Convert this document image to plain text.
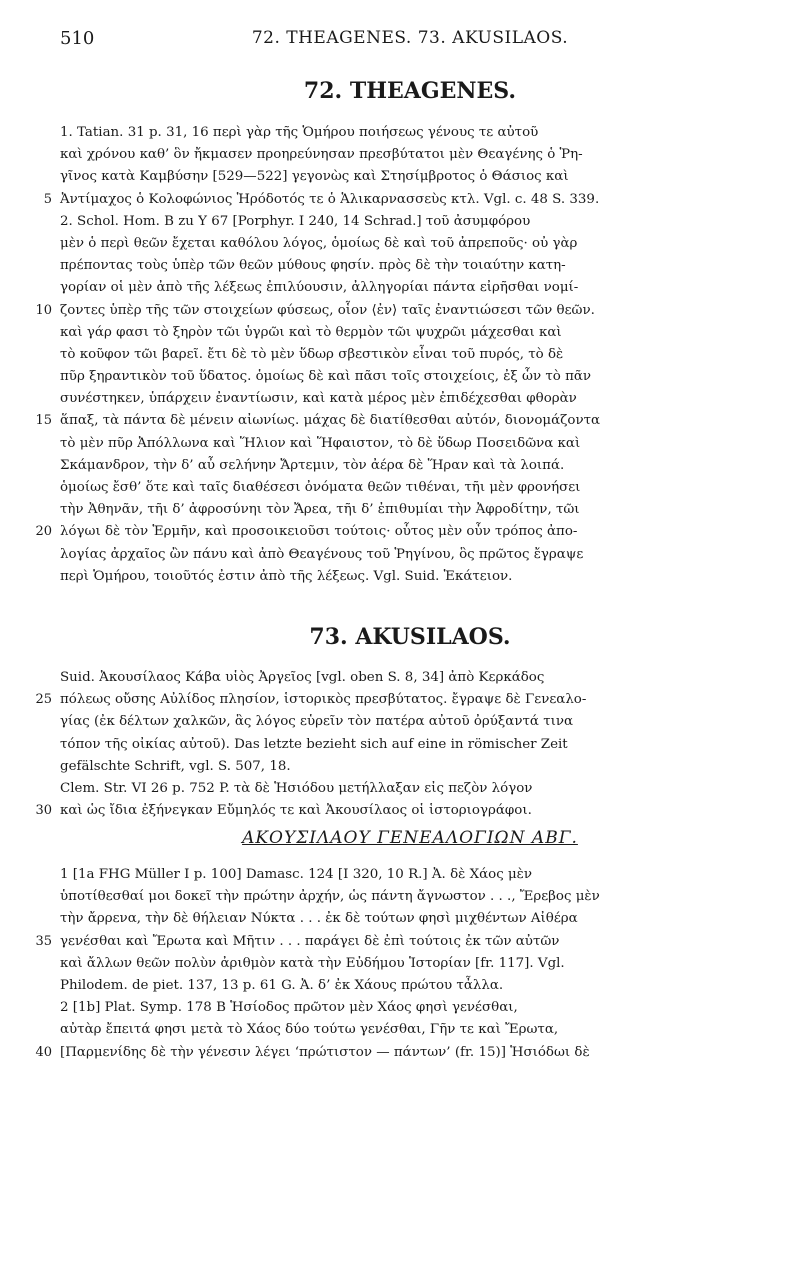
510	72. THEAGENES. 73. AKUSILAOS.
72. THEAGENES.
1. Tatian. 31 p. 31, 16 περὶ γὰρ τῆς Ὁμήρου ποιήσεως γένους τε αὐτοῦ
καὶ χρόνου καθ’ ὃν ἤκμασεν προηρεύνησαν πρεσβύτατοι μὲν Θεαγένης ὁ Ῥη-
γῖνος κατὰ Καμβύσην [529—522] γεγονὼς καὶ Στησίμβροτος ὁ Θάσιος καὶ
5 Ἀντίμαχος ὁ Κολοφώνιος Ἡρόδοτός τε ὁ Ἁλικαρνασσεὺς κτλ. Vgl. c. 48 S. 339.
2. Schol. Hom. B zu Υ 67 [Porphyr. I 240, 14 Schrad.] τοῦ ἀσυμφόρου
μὲν ὁ περὶ θεῶν ἔχεται καθόλου λόγος, ὁμοίως δὲ καὶ τοῦ ἀπρεποῦς· οὐ γὰρ
πρέποντας τοὺς ὑπὲρ τῶν θεῶν μύθους φησίν. πρὸς δὲ τὴν τοιαύτην κατη-
γορίαν οἱ μὲν ἀπὸ τῆς λέξεως ἐπιλύουσιν, ἀλληγορίαι πάντα εἰρῆσθαι νομί-
10 ζοντες ὑπὲρ τῆς τῶν στοιχείων φύσεως, οἷον ⟨ἐν⟩ ταῖς ἐναντιώσεσι τῶν θεῶν.
καὶ γάρ φασι τὸ ξηρὸν τῶι ὑγρῶι καὶ τὸ θερμὸν τῶι ψυχρῶι μάχεσθαι καὶ
τὸ κοῦφον τῶι βαρεῖ. ἔτι δὲ τὸ μὲν ὕδωρ σβεστικὸν εἶναι τοῦ πυρός, τὸ δὲ
πῦρ ξηραντικὸν τοῦ ὕδατος. ὁμοίως δὲ καὶ πᾶσι τοῖς στοιχείοις, ἐξ ὧν τὸ πᾶν
συνέστηκεν, ὑπάρχειν ἐναντίωσιν, καὶ κατὰ μέρος μὲν ἐπιδέχεσθαι φθορὰν
15 ἅπαξ, τὰ πάντα δὲ μένειν αἰωνίως. μάχας δὲ διατίθεσθαι αὐτόν, διονομάζοντα
τὸ μὲν πῦρ Ἀπόλλωνα καὶ Ἥλιον καὶ Ἥφαιστον, τὸ δὲ ὕδωρ Ποσειδῶνα καὶ
Σκάμανδρον, τὴν δ’ αὖ σελήνην Ἄρτεμιν, τὸν ἀέρα δὲ Ἥραν καὶ τὰ λοιπά.
ὁμοίως ἔσθ’ ὅτε καὶ ταῖς διαθέσεσι ὀνόματα θεῶν τιθέναι, τῆι μὲν φρονήσει
τὴν Ἀθηνᾶν, τῆι δ’ ἀφροσύνηι τὸν Ἄρεα, τῆι δ’ ἐπιθυμίαι τὴν Ἀφροδίτην, τῶι
20 λόγωι δὲ τὸν Ἑρμῆν, καὶ προσοικειοῦσι τούτοις· οὗτος μὲν οὖν τρόπος ἀπο-
λογίας ἀρχαῖος ὢν πάνυ καὶ ἀπὸ Θεαγένους τοῦ Ῥηγίνου, ὃς πρῶτος ἔγραψε
περὶ Ὁμήρου, τοιοῦτός ἐστιν ἀπὸ τῆς λέξεως. Vgl. Suid. Ἑκάτειον.
73. AKUSILAOS.
Suid. Ἀκουσίλαος Κάβα υἱὸς Ἀργεῖος [vgl. oben S. 8, 34] ἀπὸ Κερκάδος
25 πόλεως οὔσης Αὐλίδος πλησίον, ἱστορικὸς πρεσβύτατος. ἔγραψε δὲ Γενεαλο-
γίας (ἐκ δέλτων χαλκῶν, ἃς λόγος εὑρεῖν τὸν πατέρα αὐτοῦ ὀρύξαντά τινα
τόπον τῆς οἰκίας αὐτοῦ). Das letzte bezieht sich auf eine in römischer Zeit
gefälschte Schrift, vgl. S. 507, 18.
Clem. Str. VI 26 p. 752 P. τὰ δὲ Ἡσιόδου μετήλλαξαν εἰς πεζὸν λόγον
30 καὶ ὡς ἴδια ἐξήνεγκαν Εὔμηλός τε καὶ Ἀκουσίλαος οἱ ἱστοριογράφοι.
ΑΚΟΥΣΙΛΑΟΥ ΓΕΝΕΑΛΟΓΙΩΝ ΑΒΓ.
1 [1a FHG Müller I p. 100] Damasc. 124 [I 320, 10 R.] Ἀ. δὲ Χάος μὲν
ὑποτίθεσθαί μοι δοκεῖ τὴν πρώτην ἀρχήν, ὡς πάντη ἄγνωστον . . ., Ἔρεβος μὲν
τὴν ἄρρενα, τὴν δὲ θήλειαν Νύκτα . . . ἐκ δὲ τούτων φησὶ μιχθέντων Αἰθέρα
35 γενέσθαι καὶ Ἔρωτα καὶ Μῆτιν . . . παράγει δὲ ἐπὶ τούτοις ἐκ τῶν αὐτῶν
καὶ ἄλλων θεῶν πολὺν ἀριθμὸν κατὰ τὴν Εὐδήμου Ἱστορίαν [fr. 117]. Vgl.
Philodem. de piet. 137, 13 p. 61 G. Ἀ. δ’ ἐκ Χάους πρώτου τἆλλα.
2 [1b] Plat. Symp. 178 B Ἡσίοδος πρῶτον μὲν Χάος φησὶ γενέσθαι,
αὐτὰρ ἔπειτά φησι μετὰ τὸ Χάος δύο τούτω γενέσθαι, Γῆν τε καὶ Ἔρωτα,
40 [Παρμενίδης δὲ τὴν γένεσιν λέγει ‘πρώτιστον — πάντων’ (fr. 15)] Ἡσιόδωι δὲ
